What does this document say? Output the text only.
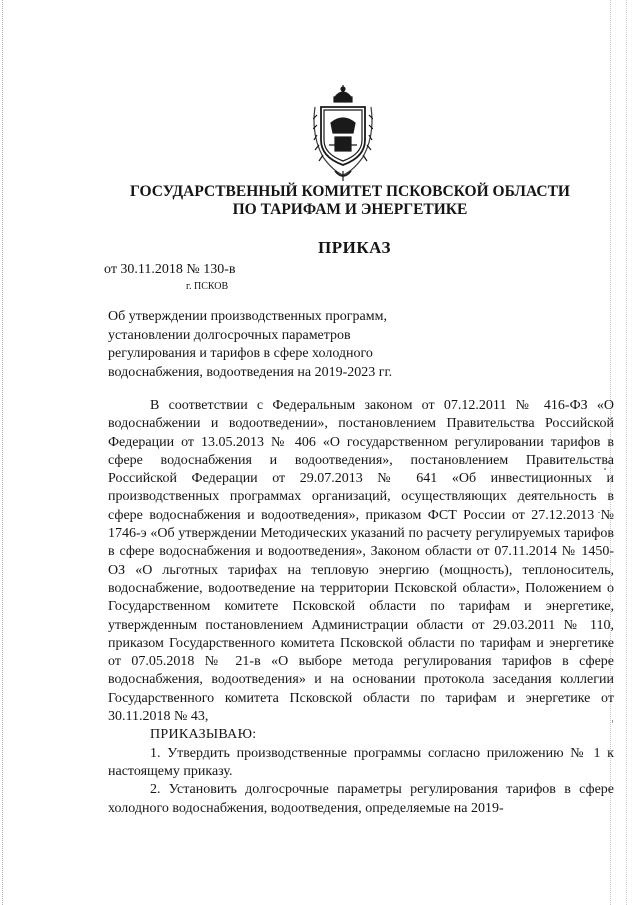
ГОСУДАРСТВЕННЫЙ КОМИТЕТ ПСКОВСКОЙ ОБЛАСТИ
ПО ТАРИФАМ И ЭНЕРГЕТИКЕ
ПРИКАЗ
от 30.11.2018 № 130-в
г. ПСКОВ
Об утверждении производственных программ,
установлении долгосрочных параметров
регулирования и тарифов в сфере холодного
водоснабжения, водоотведения на 2019-2023 гг.

В соответствии с Федеральным законом от 07.12.2011 № 416-ФЗ «О водоснабжении и водоотведении», постановлением Правительства Российской Федерации от 13.05.2013 № 406 «О государственном регулировании тарифов в сфере водоснабжения и водоотведения», постановлением Правительства Российской Федерации от 29.07.2013 № 641 «Об инвестиционных и производственных программах организаций, осуществляющих деятельность в сфере водоснабжения и водоотведения», приказом ФСТ России от 27.12.2013 № 1746-э «Об утверждении Методических указаний по расчету регулируемых тарифов в сфере водоснабжения и водоотведения», Законом области от 07.11.2014 № 1450-ОЗ «О льготных тарифах на тепловую энергию (мощность), теплоноситель, водоснабжение, водоотведение на территории Псковской области», Положением о Государственном комитете Псковской области по тарифам и энергетике, утвержденным постановлением Администрации области от 29.03.2011 № 110, приказом Государственного комитета Псковской области по тарифам и энергетике от 07.05.2018 № 21-в «О выборе метода регулирования тарифов в сфере водоснабжения, водоотведения» и на основании протокола заседания коллегии Государственного комитета Псковской области по тарифам и энергетике от 30.11.2018 № 43,

ПРИКАЗЫВАЮ:

1. Утвердить производственные программы согласно приложению № 1 к настоящему приказу.

2. Установить долгосрочные параметры регулирования тарифов в сфере холодного водоснабжения, водоотведения, определяемые на 2019-
